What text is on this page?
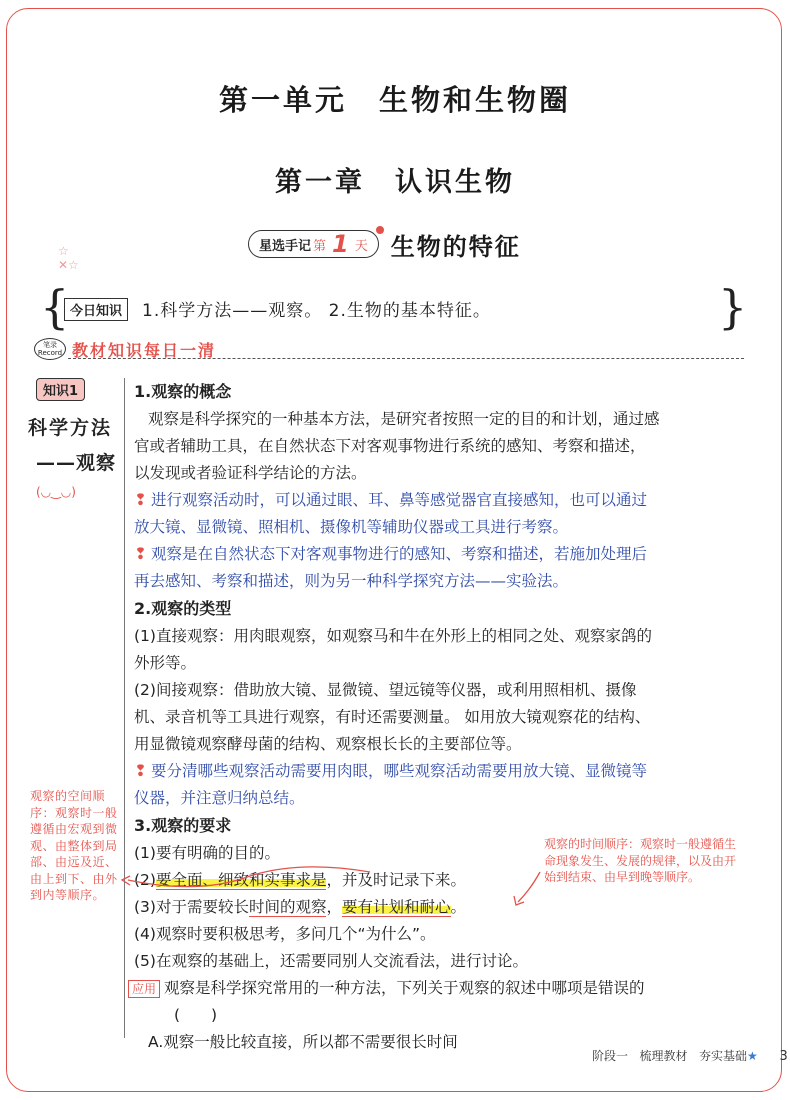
第一单元　生物和生物圈
第一章　认识生物
☆
✕☆
星选手记 第 1 天 生物的特征
{	}
今日知识	1.科学方法——观察。 2.生物的基本特征。
笔录
Record 教材知识每日一清
知识1
科学方法
——观察
(◡‿◡)
1.观察的概念
观察是科学探究的一种基本方法，是研究者按照一定的目的和计划，通过感
官或者辅助工具，在自然状态下对客观事物进行系统的感知、考察和描述，
以发现或者验证科学结论的方法。
❢ 进行观察活动时，可以通过眼、耳、鼻等感觉器官直接感知，也可以通过
放大镜、显微镜、照相机、摄像机等辅助仪器或工具进行考察。
❢ 观察是在自然状态下对客观事物进行的感知、考察和描述，若施加处理后
再去感知、考察和描述，则为另一种科学探究方法——实验法。
2.观察的类型
(1)直接观察：用肉眼观察，如观察马和牛在外形上的相同之处、观察家鸽的
外形等。
(2)间接观察：借助放大镜、显微镜、望远镜等仪器，或利用照相机、摄像
机、录音机等工具进行观察，有时还需要测量。 如用放大镜观察花的结构、
用显微镜观察酵母菌的结构、观察根长长的主要部位等。
❢ 要分清哪些观察活动需要用肉眼，哪些观察活动需要用放大镜、显微镜等
仪器，并注意归纳总结。
3.观察的要求
(1)要有明确的目的。
(2)要全面、细致和实事求是，并及时记录下来。
(3)对于需要较长时间的观察，要有计划和耐心。
(4)观察时要积极思考，多问几个“为什么”。
(5)在观察的基础上，还需要同别人交流看法，进行讨论。
应用 观察是科学探究常用的一种方法，下列关于观察的叙述中哪项是错误的
(　　)
A.观察一般比较直接，所以都不需要很长时间
观察的空间顺序：观察时一般遵循由宏观到微观、由整体到局部、由远及近、由上到下、由外到内等顺序。
观察的时间顺序：观察时一般遵循生命现象发生、发展的规律，以及由开始到结束、由早到晚等顺序。
阶段一 梳理教材 夯实基础★ 3
